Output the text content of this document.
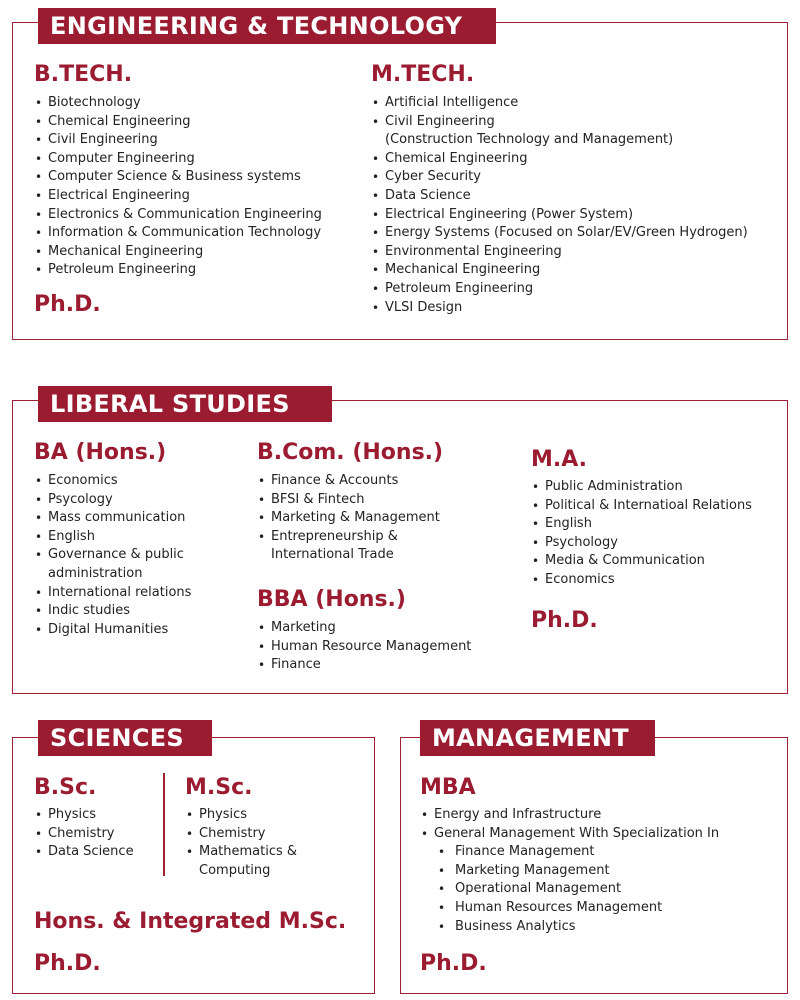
ENGINEERING & TECHNOLOGY
B.TECH.
• Biotechnology
• Chemical Engineering
• Civil Engineering
• Computer Engineering
• Computer Science & Business systems
• Electrical Engineering
• Electronics & Communication Engineering
• Information & Communication Technology
• Mechanical Engineering
• Petroleum Engineering
Ph.D.
M.TECH.
• Artificial Intelligence
• Civil Engineering
(Construction Technology and Management)
• Chemical Engineering
• Cyber Security
• Data Science
• Electrical Engineering (Power System)
• Energy Systems (Focused on Solar/EV/Green Hydrogen)
• Environmental Engineering
• Mechanical Engineering
• Petroleum Engineering
• VLSI Design
LIBERAL STUDIES
BA (Hons.)
• Economics
• Psycology
• Mass communication
• English
• Governance & public
administration
• International relations
• Indic studies
• Digital Humanities
B.Com. (Hons.)
• Finance & Accounts
• BFSI & Fintech
• Marketing & Management
• Entrepreneurship &
International Trade
BBA (Hons.)
• Marketing
• Human Resource Management
• Finance
M.A.
• Public Administration
• Political & Internatioal Relations
• English
• Psychology
• Media & Communication
• Economics
Ph.D.
SCIENCES
B.Sc.
• Physics
• Chemistry
• Data Science
M.Sc.
• Physics
• Chemistry
• Mathematics &
Computing
Hons. & Integrated M.Sc.
Ph.D.
MANAGEMENT
MBA
• Energy and Infrastructure
• General Management With Specialization In
• Finance Management
• Marketing Management
• Operational Management
• Human Resources Management
• Business Analytics
Ph.D.
